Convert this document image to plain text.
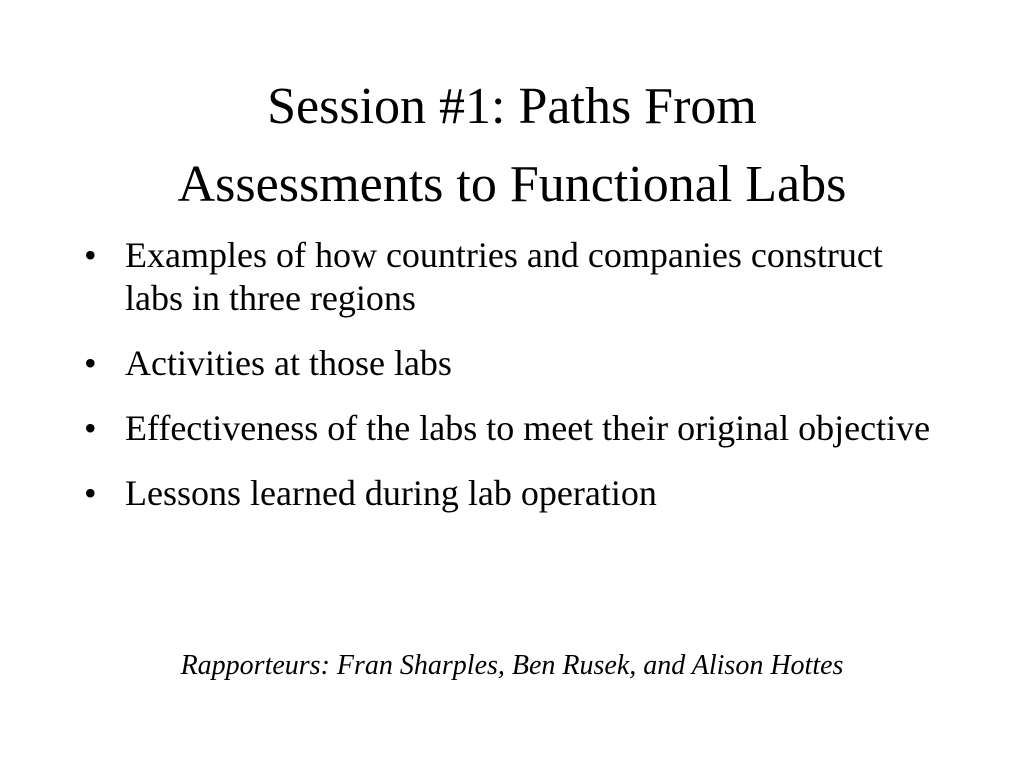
Session #1: Paths From
Assessments to Functional Labs
• Examples of how countries and companies construct labs in three regions
• Activities at those labs
• Effectiveness of the labs to meet their original objective
• Lessons learned during lab operation

Rapporteurs: Fran Sharples, Ben Rusek, and Alison Hottes
